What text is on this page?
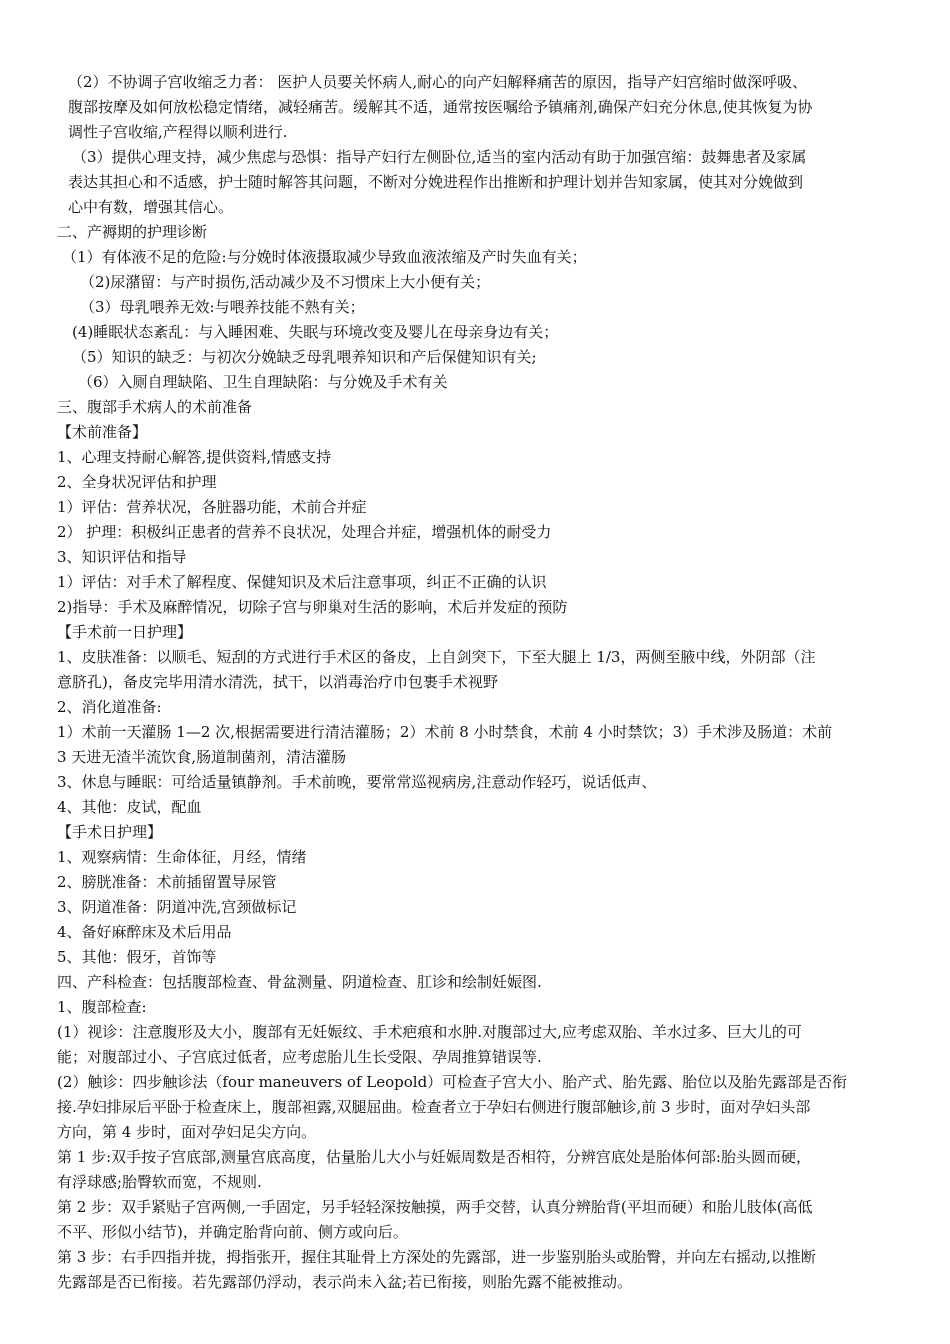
（2）不协调子宫收缩乏力者： 医护人员要关怀病人,耐心的向产妇解释痛苦的原因，指导产妇宫缩时做深呼吸、
腹部按摩及如何放松稳定情绪，减轻痛苦。缓解其不适，通常按医嘱给予镇痛剂,确保产妇充分休息,使其恢复为协
调性子宫收缩,产程得以顺利进行.
（3）提供心理支持，减少焦虑与恐惧：指导产妇行左侧卧位,适当的室内活动有助于加强宫缩：鼓舞患者及家属
表达其担心和不适感，护士随时解答其问题，不断对分娩进程作出推断和护理计划并告知家属，使其对分娩做到
心中有数，增强其信心。
二、产褥期的护理诊断
（1）有体液不足的危险:与分娩时体液摄取减少导致血液浓缩及产时失血有关；
（2)尿潴留：与产时损伤,活动减少及不习惯床上大小便有关；
（3）母乳喂养无效:与喂养技能不熟有关；
(4)睡眠状态紊乱：与入睡困难、失眠与环境改变及婴儿在母亲身边有关；
（5）知识的缺乏：与初次分娩缺乏母乳喂养知识和产后保健知识有关;
（6）入厕自理缺陷、卫生自理缺陷：与分娩及手术有关
三、腹部手术病人的术前准备
【术前准备】
1、心理支持耐心解答,提供资料,情感支持
2、全身状况评估和护理
1）评估：营养状况，各脏器功能，术前合并症
2） 护理：积极纠正患者的营养不良状况，处理合并症，增强机体的耐受力
3、知识评估和指导
1）评估：对手术了解程度、保健知识及术后注意事项，纠正不正确的认识
2)指导：手术及麻醉情况，切除子宫与卵巢对生活的影响，术后并发症的预防
【手术前一日护理】
1、皮肤准备：以顺毛、短刮的方式进行手术区的备皮，上自剑突下，下至大腿上 1/3，两侧至腋中线，外阴部（注
意脐孔)，备皮完毕用清水清洗，拭干，以消毒治疗巾包裹手术视野
2、消化道准备:
1）术前一天灌肠 1—2 次,根据需要进行清洁灌肠；2）术前 8 小时禁食，术前 4 小时禁饮；3）手术涉及肠道：术前
3 天进无渣半流饮食,肠道制菌剂，清洁灌肠
3、休息与睡眠：可给适量镇静剂。手术前晚，要常常巡视病房,注意动作轻巧，说话低声、
4、其他：皮试，配血
【手术日护理】
1、观察病情：生命体征，月经，情绪
2、膀胱准备：术前插留置导尿管
3、阴道准备：阴道冲洗,宫颈做标记
4、备好麻醉床及术后用品
5、其他：假牙，首饰等
四、产科检查：包括腹部检查、骨盆测量、阴道检查、肛诊和绘制妊娠图.
1、腹部检查:
(1）视诊：注意腹形及大小，腹部有无妊娠纹、手术疤痕和水肿.对腹部过大,应考虑双胎、羊水过多、巨大儿的可
能；对腹部过小、子宫底过低者，应考虑胎儿生长受限、孕周推算错误等.
(2）触诊：四步触诊法（four maneuvers of Leopold）可检查子宫大小、胎产式、胎先露、胎位以及胎先露部是否衔
接.孕妇排尿后平卧于检查床上，腹部袒露,双腿屈曲。检查者立于孕妇右侧进行腹部触诊,前 3 步时，面对孕妇头部
方向，第 4 步时，面对孕妇足尖方向。
第 1 步:双手按子宫底部,测量宫底高度，估量胎儿大小与妊娠周数是否相符，分辨宫底处是胎体何部:胎头圆而硬，
有浮球感;胎臀软而宽，不规则.
第 2 步：双手紧贴子宫两侧,一手固定，另手轻轻深按触摸，两手交替，认真分辨胎背(平坦而硬）和胎儿肢体(高低
不平、形似小结节)，并确定胎背向前、侧方或向后。
第 3 步：右手四指并拢，拇指张开，握住其耻骨上方深处的先露部，进一步鉴别胎头或胎臀，并向左右摇动,以推断
先露部是否已衔接。若先露部仍浮动，表示尚未入盆;若已衔接，则胎先露不能被推动。
